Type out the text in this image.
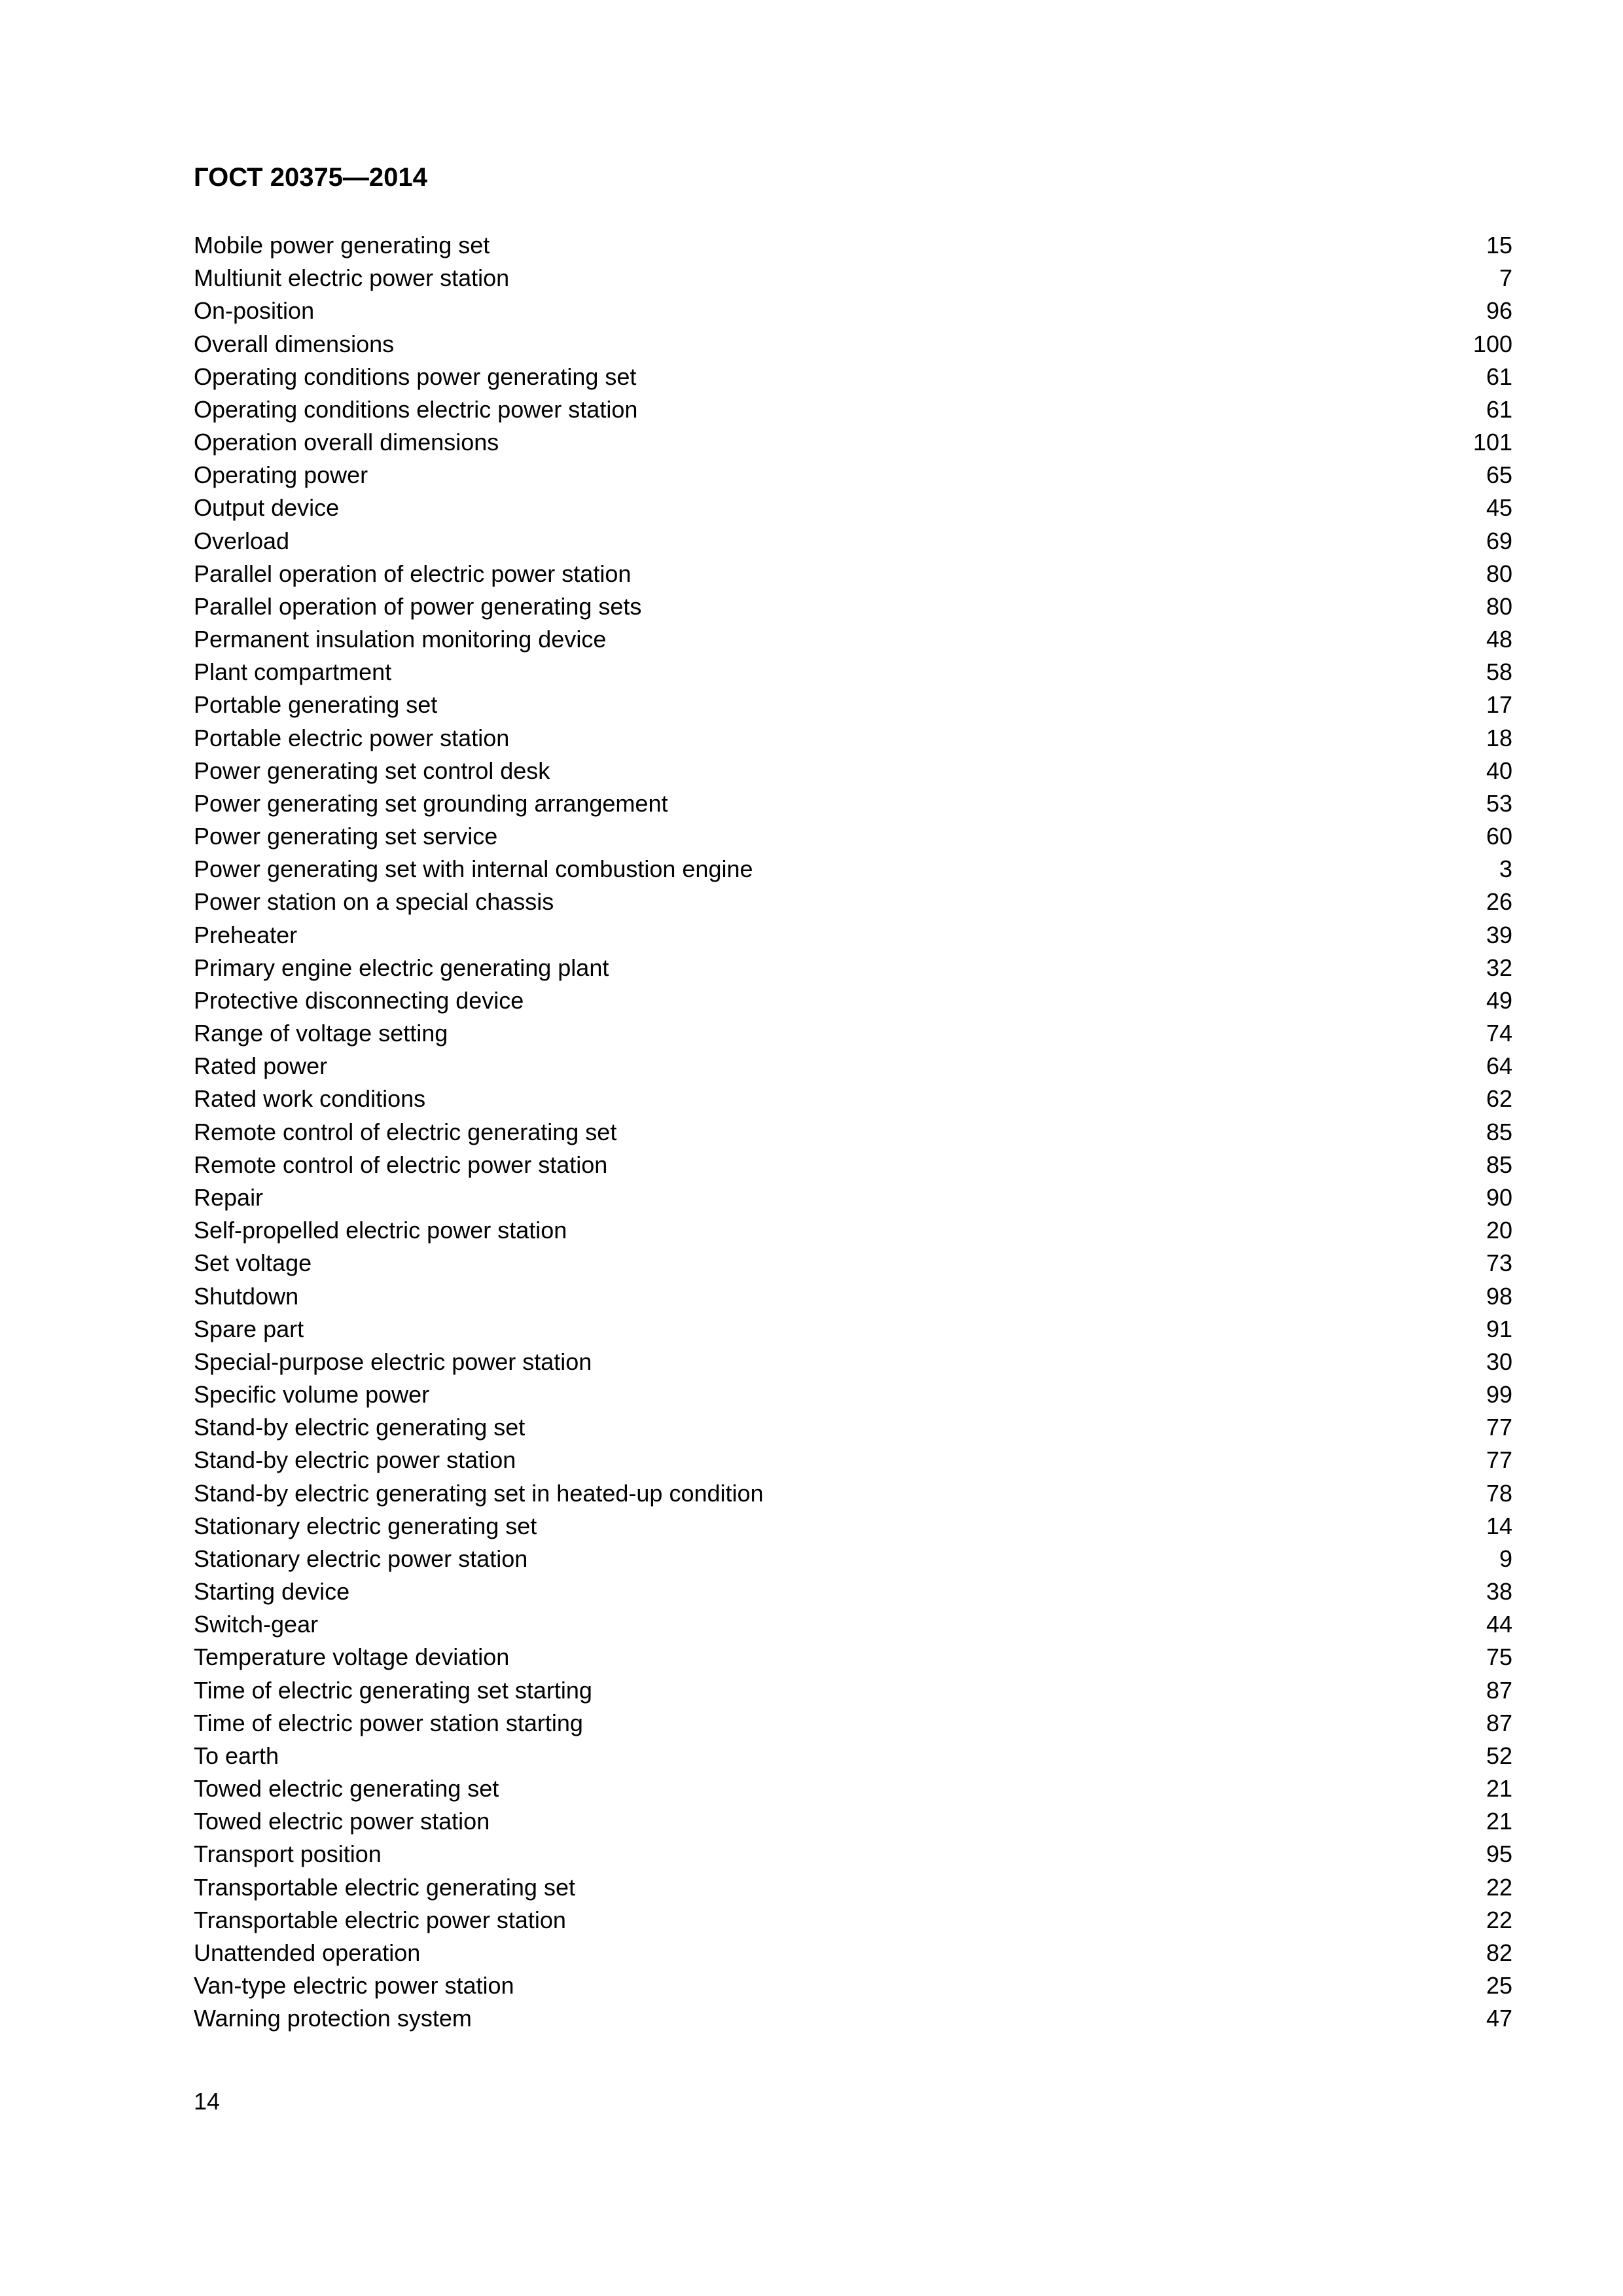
ГОСТ 20375—2014
Mobile power generating set	15
Multiunit electric power station	7
On-position	96
Overall dimensions	100
Operating conditions power generating set	61
Operating conditions electric power station	61
Operation overall dimensions	101
Operating power	65
Output device	45
Overload	69
Parallel operation of electric power station	80
Parallel operation of power generating sets	80
Permanent insulation monitoring device	48
Plant compartment	58
Portable generating set	17
Portable electric power station	18
Power generating set control desk	40
Power generating set grounding arrangement	53
Power generating set service	60
Power generating set with internal combustion engine	3
Power station on a special chassis	26
Preheater	39
Primary engine electric generating plant	32
Protective disconnecting device	49
Range of voltage setting	74
Rated power	64
Rated work conditions	62
Remote control of electric generating set	85
Remote control of electric power station	85
Repair	90
Self-propelled electric power station	20
Set voltage	73
Shutdown	98
Spare part	91
Special-purpose electric power station	30
Specific volume power	99
Stand-by electric generating set	77
Stand-by electric power station	77
Stand-by electric generating set in heated-up condition	78
Stationary electric generating set	14
Stationary electric power station	9
Starting device	38
Switch-gear	44
Temperature voltage deviation	75
Time of electric generating set starting	87
Time of electric power station starting	87
To earth	52
Towed electric generating set	21
Towed electric power station	21
Transport position	95
Transportable electric generating set	22
Transportable electric power station	22
Unattended operation	82
Van-type electric power station	25
Warning protection system	47
14
